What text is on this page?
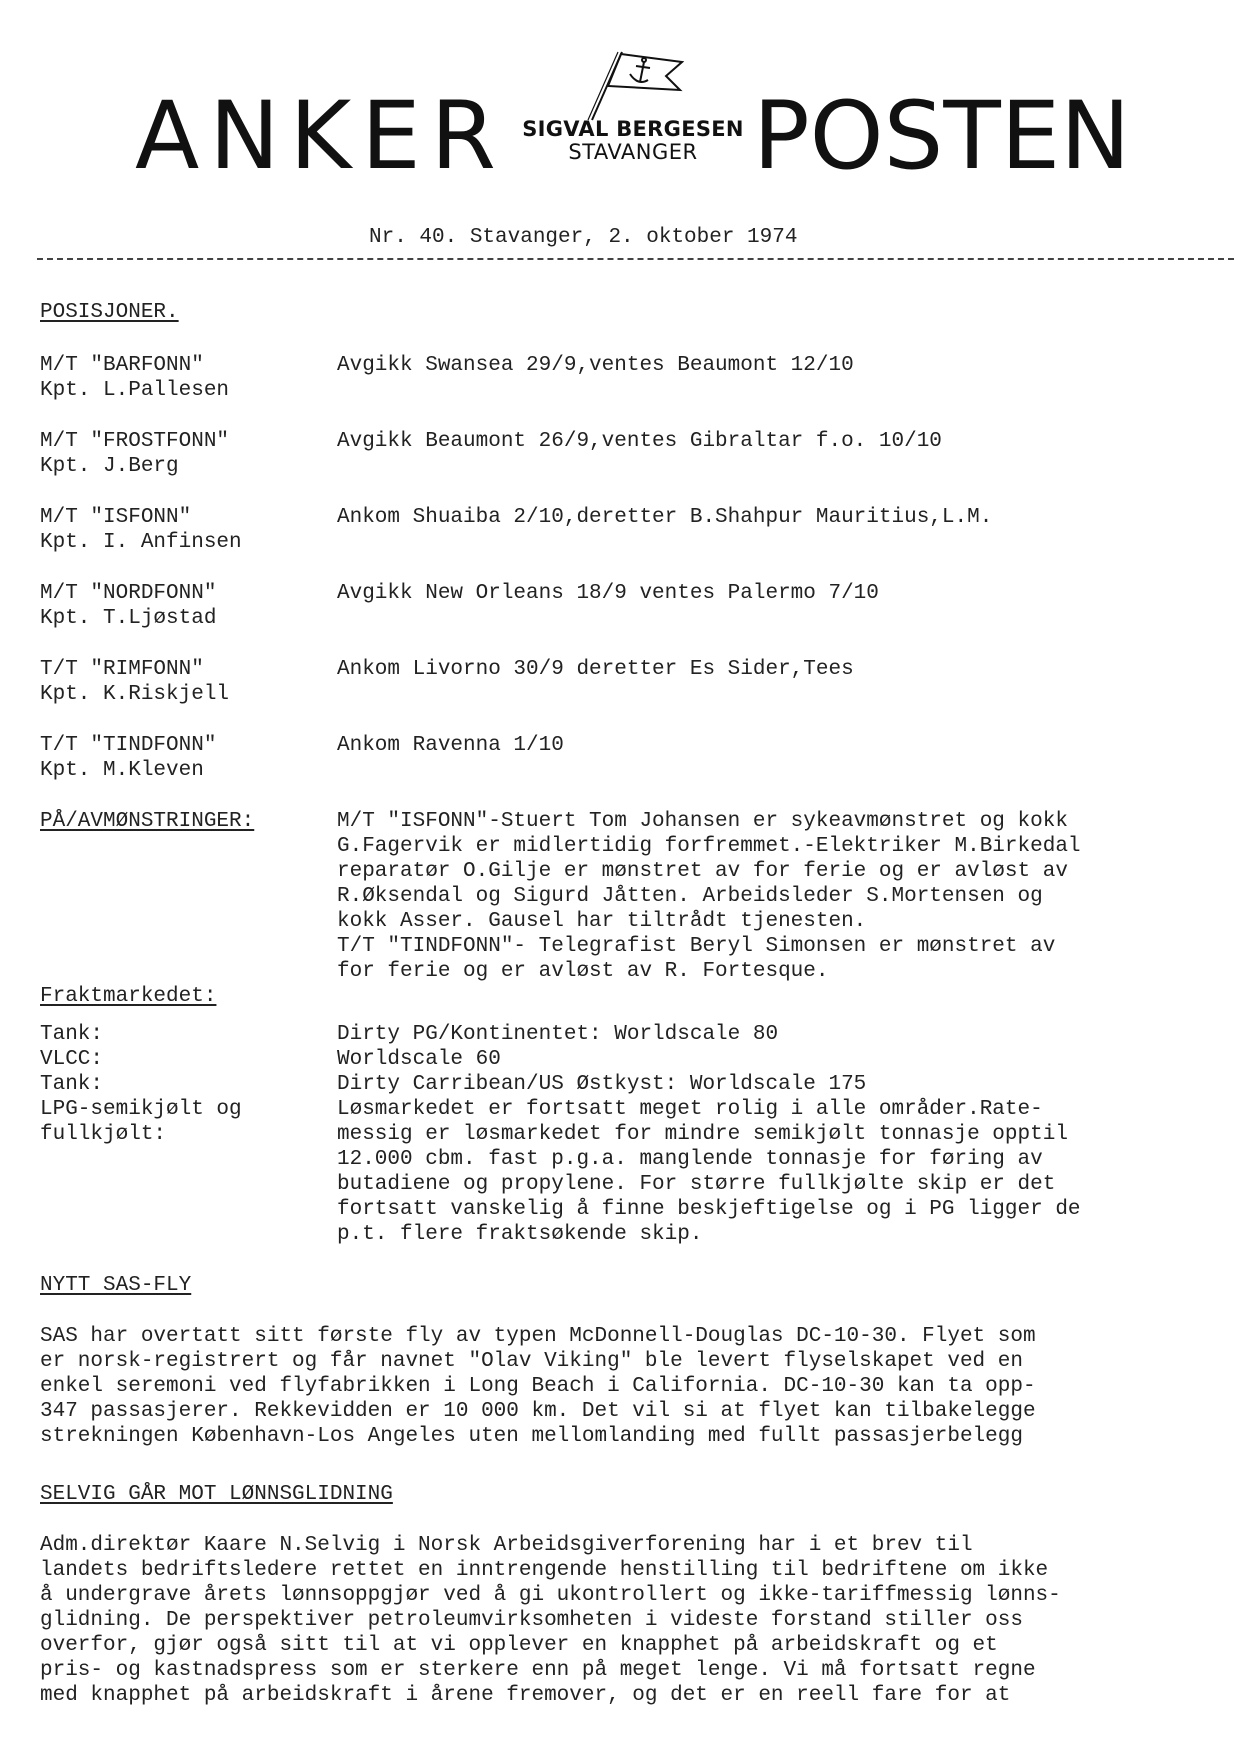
ANKER SIGVAL BERGESEN
STAVANGER POSTEN
Nr. 40. Stavanger, 2. oktober 1974
POSISJONER.
M/T "BARFONN"
Kpt. L.Pallesen
Avgikk Swansea 29/9,ventes Beaumont 12/10
M/T "FROSTFONN"
Kpt. J.Berg
Avgikk Beaumont 26/9,ventes Gibraltar f.o. 10/10
M/T "ISFONN"
Kpt. I. Anfinsen
Ankom Shuaiba 2/10,deretter B.Shahpur Mauritius,L.M.
M/T "NORDFONN"
Kpt. T.Ljøstad
Avgikk New Orleans 18/9 ventes Palermo 7/10
T/T "RIMFONN"
Kpt. K.Riskjell
Ankom Livorno 30/9 deretter Es Sider,Tees
T/T "TINDFONN"
Kpt. M.Kleven
Ankom Ravenna 1/10
PÅ/AVMØNSTRINGER:	M/T "ISFONN"-Stuert Tom Johansen er sykeavmønstret og kokk
G.Fagervik er midlertidig forfremmet.-Elektriker M.Birkedal
reparatør O.Gilje er mønstret av for ferie og er avløst av
R.Øksendal og Sigurd Jåtten. Arbeidsleder S.Mortensen og
kokk Asser. Gausel har tiltrådt tjenesten.
T/T "TINDFONN"- Telegrafist Beryl Simonsen er mønstret av
for ferie og er avløst av R. Fortesque.
Fraktmarkedet:
Tank:
VLCC:
Tank:
LPG-semikjølt og
fullkjølt:
Dirty PG/Kontinentet: Worldscale 80
Worldscale 60
Dirty Carribean/US Østkyst: Worldscale 175
Løsmarkedet er fortsatt meget rolig i alle områder.Rate-
messig er løsmarkedet for mindre semikjølt tonnasje opptil
12.000 cbm. fast p.g.a. manglende tonnasje for føring av
butadiene og propylene. For større fullkjølte skip er det
fortsatt vanskelig å finne beskjeftigelse og i PG ligger de
p.t. flere fraktsøkende skip.
NYTT SAS-FLY
SAS har overtatt sitt første fly av typen McDonnell-Douglas DC-10-30. Flyet som
er norsk-registrert og får navnet "Olav Viking" ble levert flyselskapet ved en
enkel seremoni ved flyfabrikken i Long Beach i California. DC-10-30 kan ta opp-
347 passasjerer. Rekkevidden er 10 000 km. Det vil si at flyet kan tilbakelegge
strekningen København-Los Angeles uten mellomlanding med fullt passasjerbelegg
SELVIG GÅR MOT LØNNSGLIDNING
Adm.direktør Kaare N.Selvig i Norsk Arbeidsgiverforening har i et brev til
landets bedriftsledere rettet en inntrengende henstilling til bedriftene om ikke
å undergrave årets lønnsoppgjør ved å gi ukontrollert og ikke-tariffmessig lønns-
glidning. De perspektiver petroleumvirksomheten i videste forstand stiller oss
overfor, gjør også sitt til at vi opplever en knapphet på arbeidskraft og et
pris- og kastnadspress som er sterkere enn på meget lenge. Vi må fortsatt regne
med knapphet på arbeidskraft i årene fremover, og det er en reell fare for at
